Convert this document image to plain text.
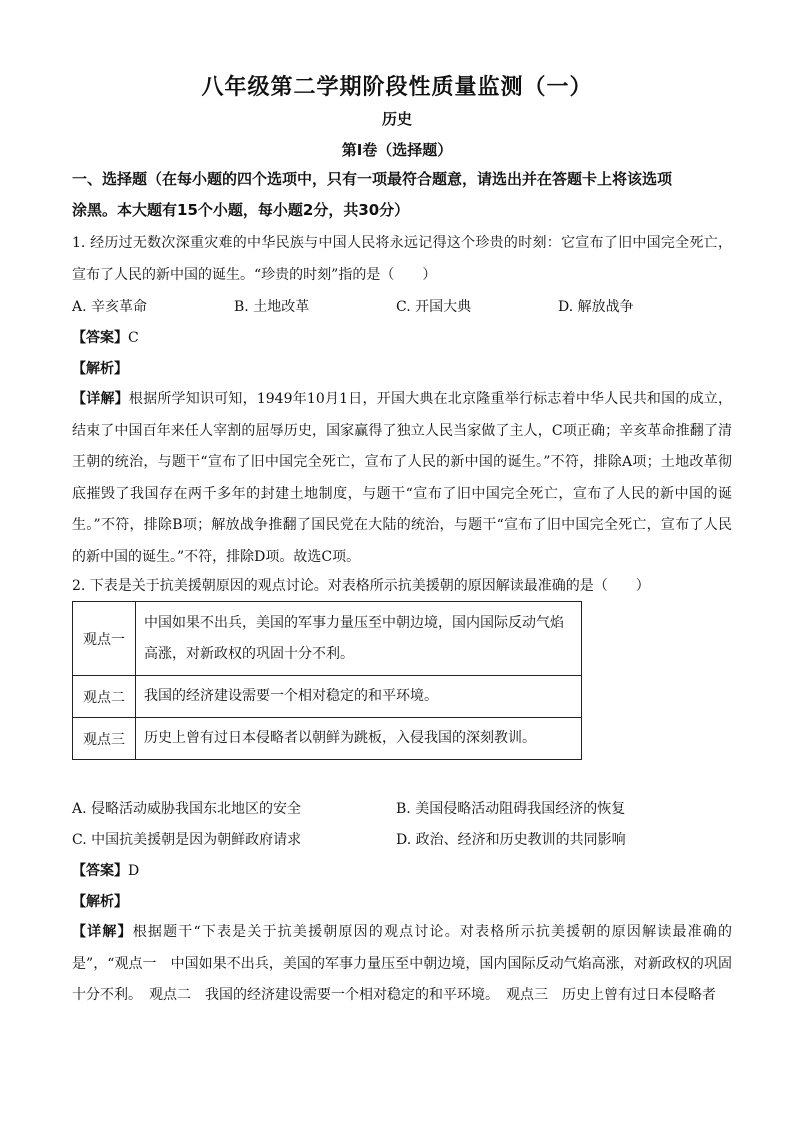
八年级第二学期阶段性质量监测（一）
历史
第Ⅰ卷（选择题）
一、选择题（在每小题的四个选项中，只有一项最符合题意，请选出并在答题卡上将该选项
涂黑。本大题有15个小题，每小题2分，共30分）
1. 经历过无数次深重灾难的中华民族与中国人民将永远记得这个珍贵的时刻：它宣布了旧中国完全死亡，宣布了人民的新中国的诞生。“珍贵的时刻”指的是（　　）
A. 辛亥革命	B. 土地改革	C. 开国大典	D. 解放战争
【答案】C
【解析】
【详解】根据所学知识可知，1949年10月1日，开国大典在北京隆重举行标志着中华人民共和国的成立，结束了中国百年来任人宰割的屈辱历史，国家赢得了独立人民当家做了主人，C项正确；辛亥革命推翻了清王朝的统治，与题干“宣布了旧中国完全死亡，宣布了人民的新中国的诞生。”不符，排除A项；土地改革彻底摧毁了我国存在两千多年的封建土地制度，与题干“宣布了旧中国完全死亡，宣布了人民的新中国的诞生。”不符，排除B项；解放战争推翻了国民党在大陆的统治，与题干“宣布了旧中国完全死亡，宣布了人民的新中国的诞生。”不符，排除D项。故选C项。
2. 下表是关于抗美援朝原因的观点讨论。对表格所示抗美援朝的原因解读最准确的是（　　）
观点一	中国如果不出兵，美国的军事力量压至中朝边境，国内国际反动气焰高涨，对新政权的巩固十分不利。
观点二	我国的经济建设需要一个相对稳定的和平环境。
观点三	历史上曾有过日本侵略者以朝鲜为跳板，入侵我国的深刻教训。
A. 侵略活动威胁我国东北地区的安全	B. 美国侵略活动阻碍我国经济的恢复
C. 中国抗美援朝是因为朝鲜政府请求	D. 政治、经济和历史教训的共同影响
【答案】D
【解析】
【详解】根据题干“下表是关于抗美援朝原因的观点讨论。对表格所示抗美援朝的原因解读最准确的是”，“观点一　中国如果不出兵，美国的军事力量压至中朝边境，国内国际反动气焰高涨，对新政权的巩固十分不利。　观点二　我国的经济建设需要一个相对稳定的和平环境。　观点三　历史上曾有过日本侵略者
